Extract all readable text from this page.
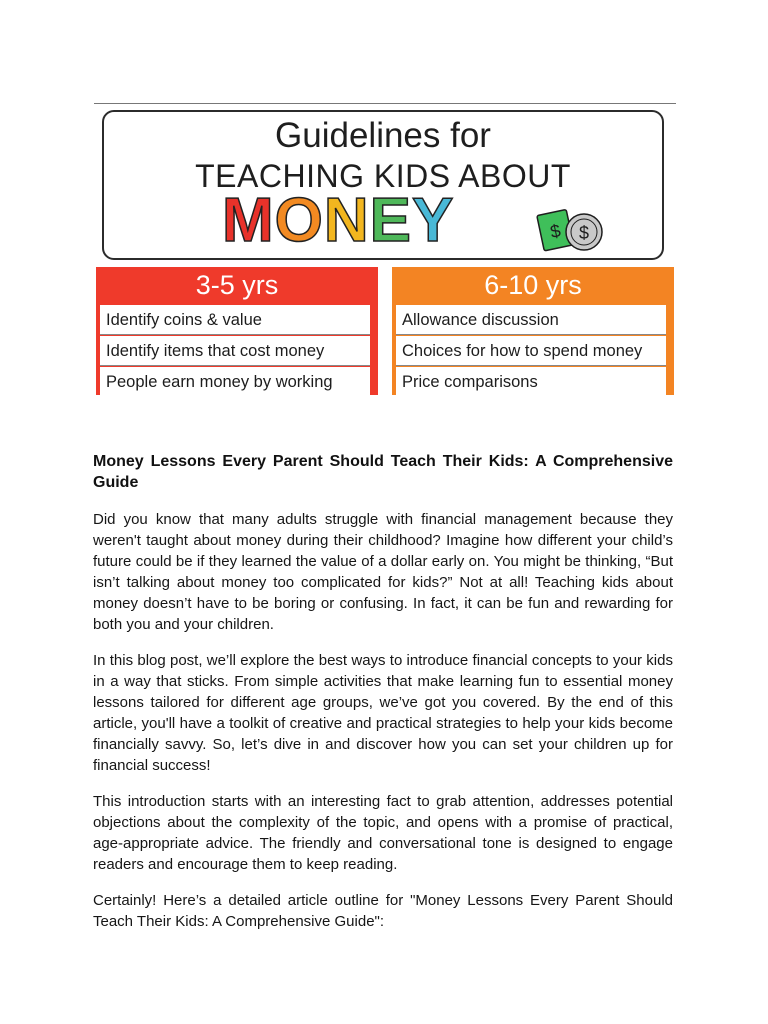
Guidelines for
TEACHING KIDS ABOUT
MONEY	$ $
3-5 yrs
Identify coins & value
Identify items that cost money
People earn money by working
6-10 yrs
Allowance discussion
Choices for how to spend money
Price comparisons
Money Lessons Every Parent Should Teach Their Kids: A Comprehensive Guide

Did you know that many adults struggle with financial management because they weren't taught about money during their childhood? Imagine how different your child’s future could be if they learned the value of a dollar early on. You might be thinking, “But isn’t talking about money too complicated for kids?” Not at all! Teaching kids about money doesn’t have to be boring or confusing. In fact, it can be fun and rewarding for both you and your children.

In this blog post, we’ll explore the best ways to introduce financial concepts to your kids in a way that sticks. From simple activities that make learning fun to essential money lessons tailored for different age groups, we’ve got you covered. By the end of this article, you'll have a toolkit of creative and practical strategies to help your kids become financially savvy. So, let’s dive in and discover how you can set your children up for financial success!

This introduction starts with an interesting fact to grab attention, addresses potential objections about the complexity of the topic, and opens with a promise of practical, age-appropriate advice. The friendly and conversational tone is designed to engage readers and encourage them to keep reading.

Certainly! Here’s a detailed article outline for "Money Lessons Every Parent Should Teach Their Kids: A Comprehensive Guide":
